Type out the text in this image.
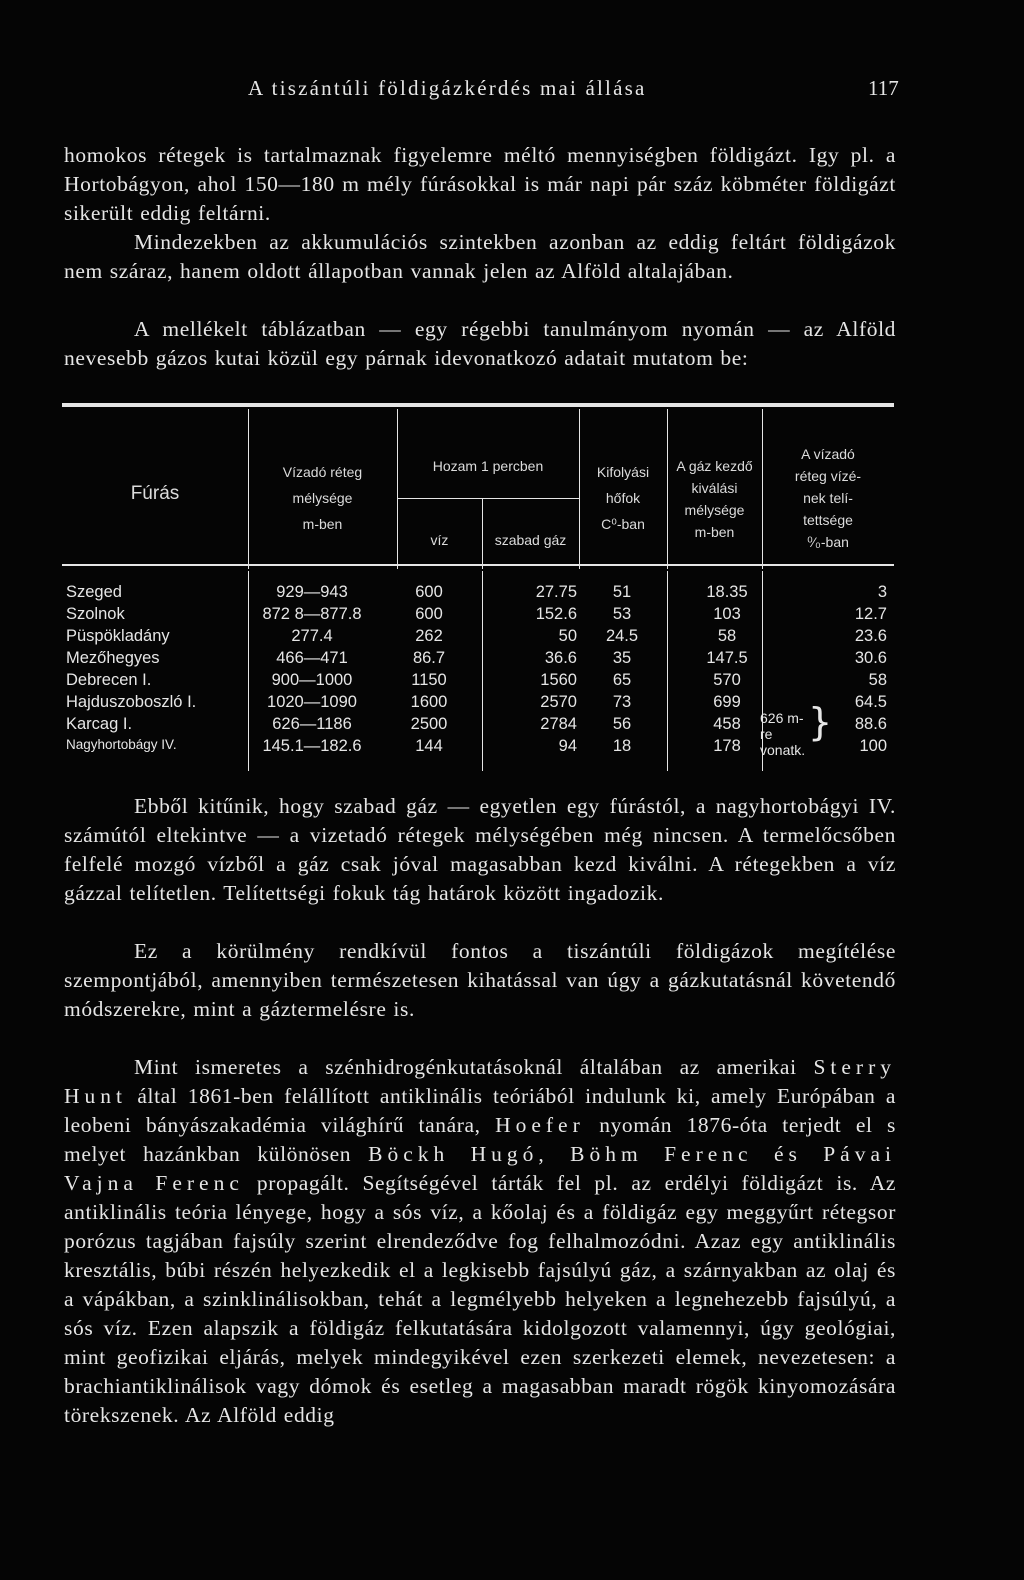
A tiszántúli földigázkérdés mai állása	117

homokos rétegek is tartalmaznak figyelemre méltó mennyiségben földigázt. Igy pl. a Hortobágyon, ahol 150—180 m mély fúrásokkal is már napi pár száz köbméter földigázt sikerült eddig feltárni.

Mindezekben az akkumulációs szintekben azonban az eddig feltárt földigázok nem száraz, hanem oldott állapotban vannak jelen az Alföld altalajában.

A mellékelt táblázatban — egy régebbi tanulmányom nyomán — az Alföld nevesebb gázos kutai közül egy párnak idevonatkozó adatait mutatom be:

Fúrás
Vízadó réteg
mélysége
m-ben
Hozam 1 percben
víz	szabad gáz
Kifolyási
hőfok
C⁰-ban
A gáz kezdő
kiválási
mélysége
m-ben
A vízadó
réteg vízé-
nek telí-
tettsége
⁰⁄₀-ban
Szeged	929—943	600	27.75	51	18.35	3
Szolnok	872 8—877.8	600	152.6	53	103	12.7
Püspökladány	277.4	262	50	24.5	58	23.6
Mezőhegyes	466—471	86.7	36.6	35	147.5	30.6
Debrecen I.	900—1000	1150	1560	65	570	58
Hajduszoboszló I.	1020—1090	1600	2570	73	699	64.5
Karcag I.	626—1186	2500	2784	56	458	88.6
Nagyhortobágy IV.	145.1—182.6	144	94	18	178	100
626 m-re
vonatk.
}

Ebből kitűnik, hogy szabad gáz — egyetlen egy fúrástól, a nagyhortobágyi IV. számútól eltekintve — a vizetadó rétegek mélységében még nincsen. A termelőcsőben felfelé mozgó vízből a gáz csak jóval magasabban kezd kiválni. A rétegekben a víz gázzal telítetlen. Telítettségi fokuk tág határok között ingadozik.

Ez a körülmény rendkívül fontos a tiszántúli földigázok megítélése szempontjából, amennyiben természetesen kihatással van úgy a gázkutatásnál követendő módszerekre, mint a gáztermelésre is.

Mint ismeretes a szénhidrogénkutatásoknál általában az amerikai Sterry Hunt által 1861-ben felállított antiklinális teóriából indulunk ki, amely Európában a leobeni bányászakadémia világhírű tanára, Hoefer nyomán 1876-óta terjedt el s melyet hazánkban különösen Böckh Hugó, Böhm Ferenc és Pávai Vajna Ferenc propagált. Segítségével tárták fel pl. az erdélyi földigázt is. Az antiklinális teória lényege, hogy a sós víz, a kőolaj és a földigáz egy meggyűrt rétegsor porózus tagjában fajsúly szerint elrendeződve fog felhalmozódni. Azaz egy antiklinális kresztális, búbi részén helyezkedik el a legkisebb fajsúlyú gáz, a szárnyakban az olaj és a vápákban, a szinklinálisokban, tehát a legmélyebb helyeken a legnehezebb fajsúlyú, a sós víz. Ezen alapszik a földigáz felkutatására kidolgozott valamennyi, úgy geológiai, mint geofizikai eljárás, melyek mindegyikével ezen szerkezeti elemek, nevezetesen: a brachiantiklinálisok vagy dómok és esetleg a magasabban maradt rögök kinyomozására törekszenek. Az Alföld eddig
